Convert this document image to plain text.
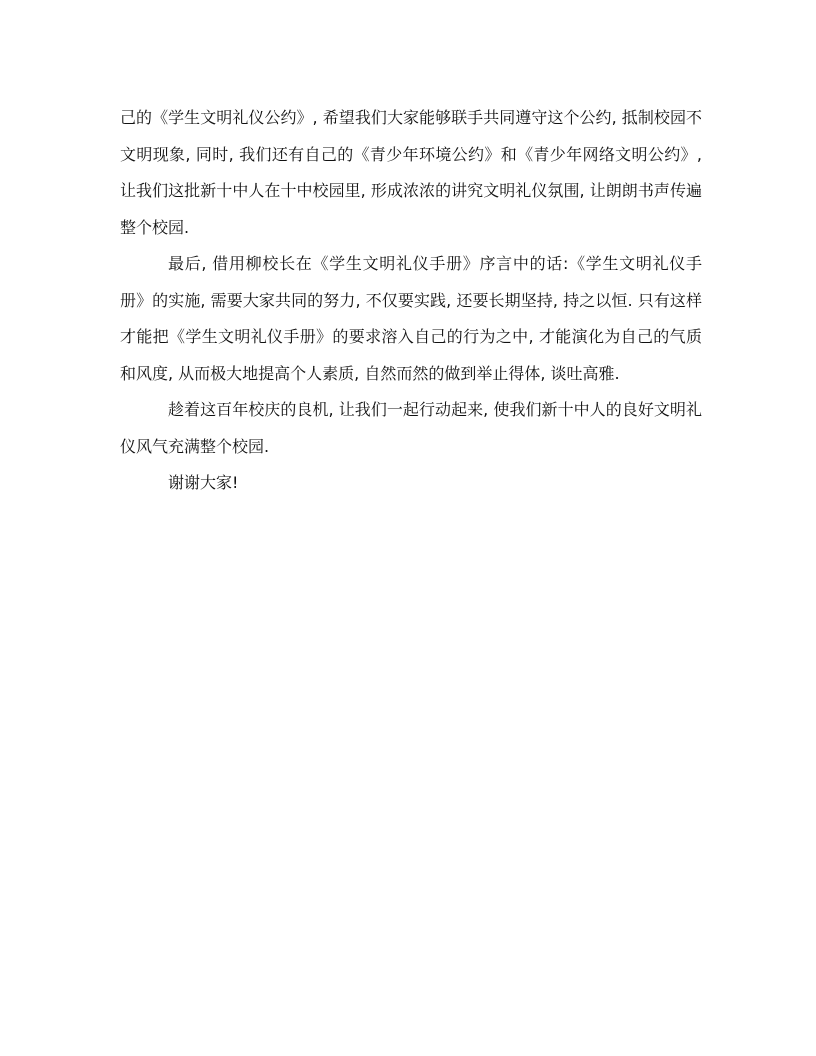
己的《学生文明礼仪公约》, 希望我们大家能够联手共同遵守这个公约, 抵制校园不文明现象, 同时, 我们还有自己的《青少年环境公约》和《青少年网络文明公约》, 让我们这批新十中人在十中校园里, 形成浓浓的讲究文明礼仪氛围, 让朗朗书声传遍整个校园.

最后, 借用柳校长在《学生文明礼仪手册》序言中的话:《学生文明礼仪手册》的实施, 需要大家共同的努力, 不仅要实践, 还要长期坚持, 持之以恒. 只有这样才能把《学生文明礼仪手册》的要求溶入自己的行为之中, 才能演化为自己的气质和风度, 从而极大地提高个人素质, 自然而然的做到举止得体, 谈吐高雅.

趁着这百年校庆的良机, 让我们一起行动起来, 使我们新十中人的良好文明礼仪风气充满整个校园.

谢谢大家!
